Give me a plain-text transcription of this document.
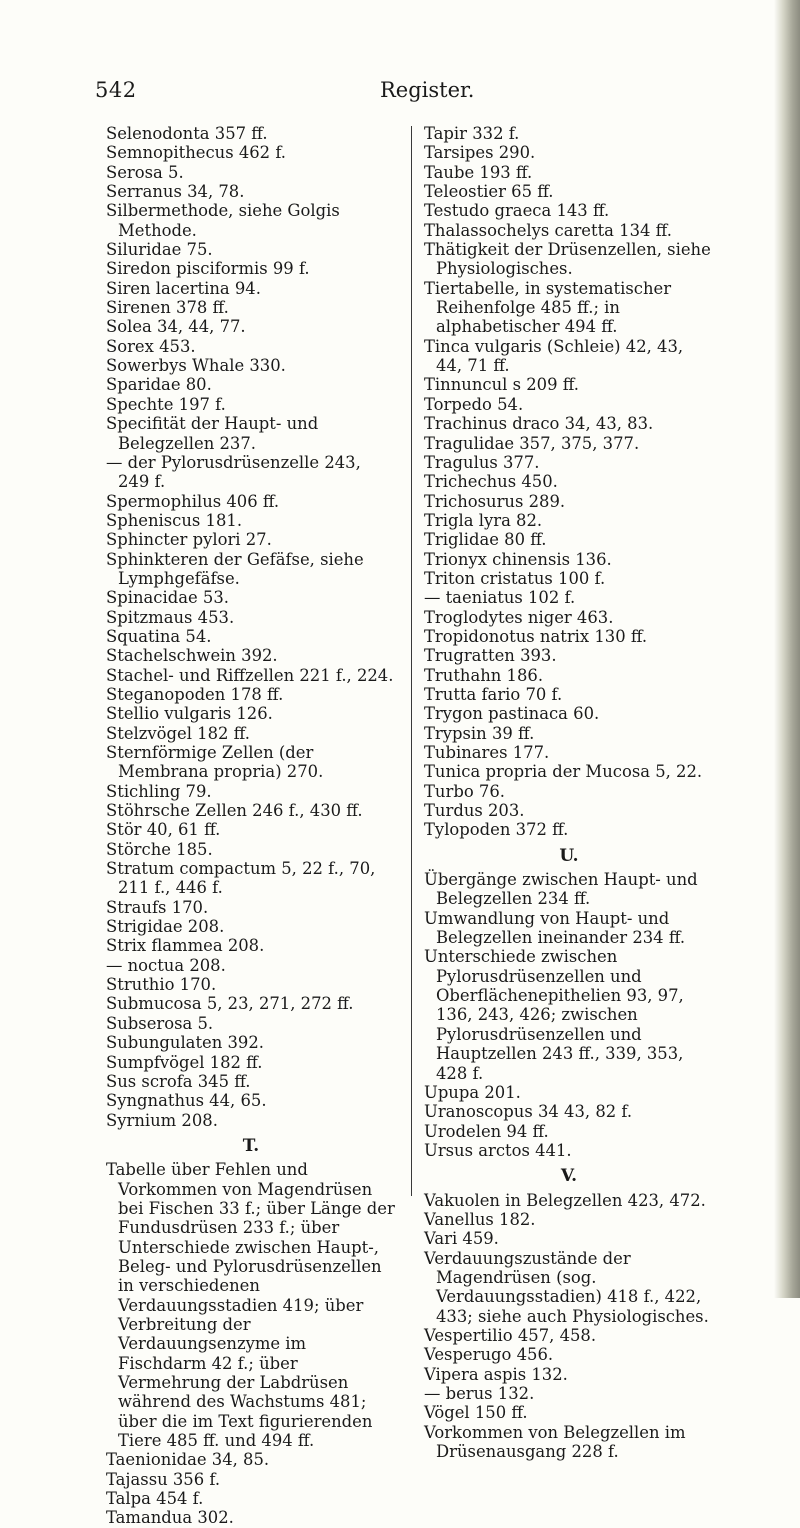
542	Register.
Selenodonta 357 ff.
Semnopithecus 462 f.
Serosa 5.
Serranus 34, 78.
Silbermethode, siehe Golgis Methode.
Siluridae 75.
Siredon pisciformis 99 f.
Siren lacertina 94.
Sirenen 378 ff.
Solea 34, 44, 77.
Sorex 453.
Sowerbys Whale 330.
Sparidae 80.
Spechte 197 f.
Specifität der Haupt- und Belegzellen 237.
— der Pylorusdrüsenzelle 243, 249 f.
Spermophilus 406 ff.
Spheniscus 181.
Sphincter pylori 27.
Sphinkteren der Gefäfse, siehe Lymphgefäfse.
Spinacidae 53.
Spitzmaus 453.
Squatina 54.
Stachelschwein 392.
Stachel- und Riffzellen 221 f., 224.
Steganopoden 178 ff.
Stellio vulgaris 126.
Stelzvögel 182 ff.
Sternförmige Zellen (der Membrana propria) 270.
Stichling 79.
Stöhrsche Zellen 246 f., 430 ff.
Stör 40, 61 ff.
Störche 185.
Stratum compactum 5, 22 f., 70, 211 f., 446 f.
Straufs 170.
Strigidae 208.
Strix flammea 208.
— noctua 208.
Struthio 170.
Submucosa 5, 23, 271, 272 ff.
Subserosa 5.
Subungulaten 392.
Sumpfvögel 182 ff.
Sus scrofa 345 ff.
Syngnathus 44, 65.
Syrnium 208.
T.
Tabelle über Fehlen und Vorkommen von Magendrüsen bei Fischen 33 f.; über Länge der Fundusdrüsen 233 f.; über Unterschiede zwischen Haupt-, Beleg- und Pylorusdrüsenzellen in verschiedenen Verdauungsstadien 419; über Verbreitung der Verdauungsenzyme im Fischdarm 42 f.; über Vermehrung der Labdrüsen während des Wachstums 481; über die im Text figurierenden Tiere 485 ff. und 494 ff.
Taenionidae 34, 85.
Tajassu 356 f.
Talpa 454 f.
Tamandua 302.
Tapir 332 f.
Tarsipes 290.
Taube 193 ff.
Teleostier 65 ff.
Testudo graeca 143 ff.
Thalassochelys caretta 134 ff.
Thätigkeit der Drüsenzellen, siehe Physiologisches.
Tiertabelle, in systematischer Reihenfolge 485 ff.; in alphabetischer 494 ff.
Tinca vulgaris (Schleie) 42, 43, 44, 71 ff.
Tinnuncul s 209 ff.
Torpedo 54.
Trachinus draco 34, 43, 83.
Tragulidae 357, 375, 377.
Tragulus 377.
Trichechus 450.
Trichosurus 289.
Trigla lyra 82.
Triglidae 80 ff.
Trionyx chinensis 136.
Triton cristatus 100 f.
— taeniatus 102 f.
Troglodytes niger 463.
Tropidonotus natrix 130 ff.
Trugratten 393.
Truthahn 186.
Trutta fario 70 f.
Trygon pastinaca 60.
Trypsin 39 ff.
Tubinares 177.
Tunica propria der Mucosa 5, 22.
Turbo 76.
Turdus 203.
Tylopoden 372 ff.
U.
Übergänge zwischen Haupt- und Belegzellen 234 ff.
Umwandlung von Haupt- und Belegzellen ineinander 234 ff.
Unterschiede zwischen Pylorusdrüsenzellen und Oberflächenepithelien 93, 97, 136, 243, 426; zwischen Pylorusdrüsenzellen und Hauptzellen 243 ff., 339, 353, 428 f.
Upupa 201.
Uranoscopus 34 43, 82 f.
Urodelen 94 ff.
Ursus arctos 441.
V.
Vakuolen in Belegzellen 423, 472.
Vanellus 182.
Vari 459.
Verdauungszustände der Magendrüsen (sog. Verdauungsstadien) 418 f., 422, 433; siehe auch Physiologisches.
Vespertilio 457, 458.
Vesperugo 456.
Vipera aspis 132.
— berus 132.
Vögel 150 ff.
Vorkommen von Belegzellen im Drüsenausgang 228 f.
